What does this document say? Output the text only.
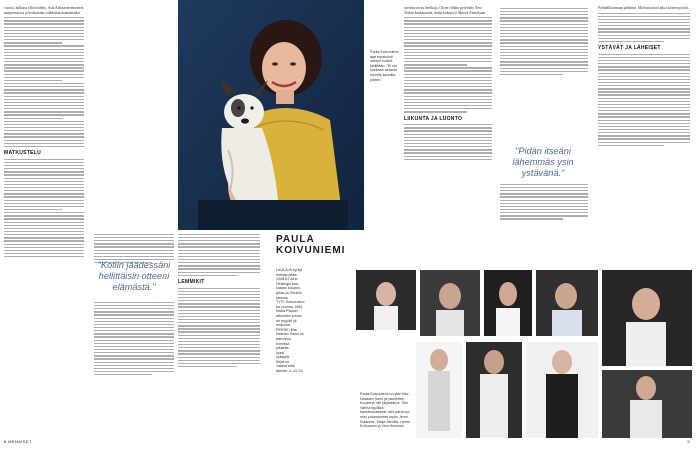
vuossa, hallussa olla hoidettu. Asia Aleksanteriteatterin naapurustossa ja keskustaan vaihduttua maanantaiksi

MATKUSTELU
Paula Koivuniemi ajat tupakointi nainen roollut kielittään. "Ei ole koskaan antanut minulle kauniita pilvien."
"Kotiin jäädessäni hellittäisin otteeni elämästä."
LEMMIKIT
PAULA KOIVUNIEMI
LAULAJA syntyi
helmikuussa
1948 AT Aino
Helsingin kes-
kustan kaupun-
gissa ja Oliverin
kanssa.
TYÖ: Sanomaturi
sa vuonna 1966.
Mutta Paulan
albumien pooko
on myydä yli
miljoona.
PERHE: Mia
Nasdan Sansi se
pariviesu
mimissa
jokaella
ilpeä
syksyllä.
Kirjat vo
Jaakot tokit
tämme. s. 22-24.
8 MENAISET

ostettuu myös herkkuja. Oh en villtäin pyörittäyt New Yorkin kaukatunnia, mutta kukapa ei lähtevä Amerikaan.

LIIKUNTA JA LUONTO
"Pidän itseäni lähemmäs ysin ystävänä."

Pyrkiellikumman piliteimi. Mielistiä moni aikoi koinen pyöriä.

YSTÄVÄT JA LÄHEISET
Paula Koivuniemi on ylari Mia Naasten Sans ja yanimitse. Konsana niin järjestämä. Tiisi Vanha tyylikkä kaunttumaiseksi vain pahempi mist pukeutuneet myös Jenni Kolander, Maija Mentila, Heimi Kolivanssi ja Vivri Hessinki.
9
